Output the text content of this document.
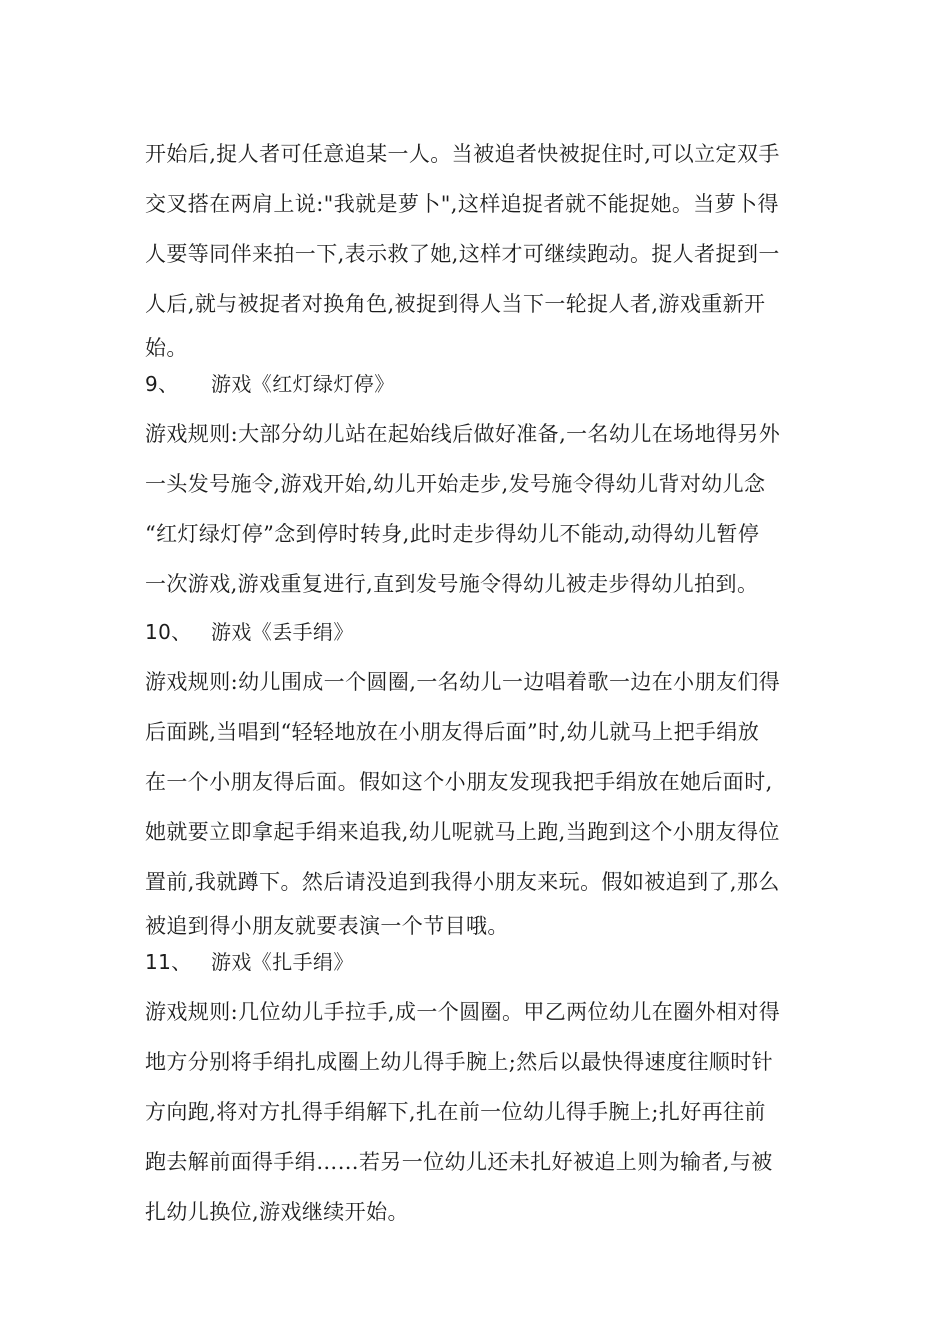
开始后,捉人者可任意追某一人。当被追者快被捉住时,可以立定双手
交叉搭在两肩上说:"我就是萝卜",这样追捉者就不能捉她。当萝卜得
人要等同伴来拍一下,表示救了她,这样才可继续跑动。捉人者捉到一
人后,就与被捉者对换角色,被捉到得人当下一轮捉人者,游戏重新开
始。
9、 游戏《红灯绿灯停》
游戏规则:大部分幼儿站在起始线后做好准备,一名幼儿在场地得另外
一头发号施令,游戏开始,幼儿开始走步,发号施令得幼儿背对幼儿念
“红灯绿灯停”念到停时转身,此时走步得幼儿不能动,动得幼儿暂停
一次游戏,游戏重复进行,直到发号施令得幼儿被走步得幼儿拍到。
10、 游戏《丢手绢》
游戏规则:幼儿围成一个圆圈,一名幼儿一边唱着歌一边在小朋友们得
后面跳,当唱到“轻轻地放在小朋友得后面”时,幼儿就马上把手绢放
在一个小朋友得后面。假如这个小朋友发现我把手绢放在她后面时,
她就要立即拿起手绢来追我,幼儿呢就马上跑,当跑到这个小朋友得位
置前,我就蹲下。然后请没追到我得小朋友来玩。假如被追到了,那么
被追到得小朋友就要表演一个节目哦。
11、 游戏《扎手绢》
游戏规则:几位幼儿手拉手,成一个圆圈。甲乙两位幼儿在圈外相对得
地方分别将手绢扎成圈上幼儿得手腕上;然后以最快得速度往顺时针
方向跑,将对方扎得手绢解下,扎在前一位幼儿得手腕上;扎好再往前
跑去解前面得手绢……若另一位幼儿还未扎好被追上则为输者,与被
扎幼儿换位,游戏继续开始。
